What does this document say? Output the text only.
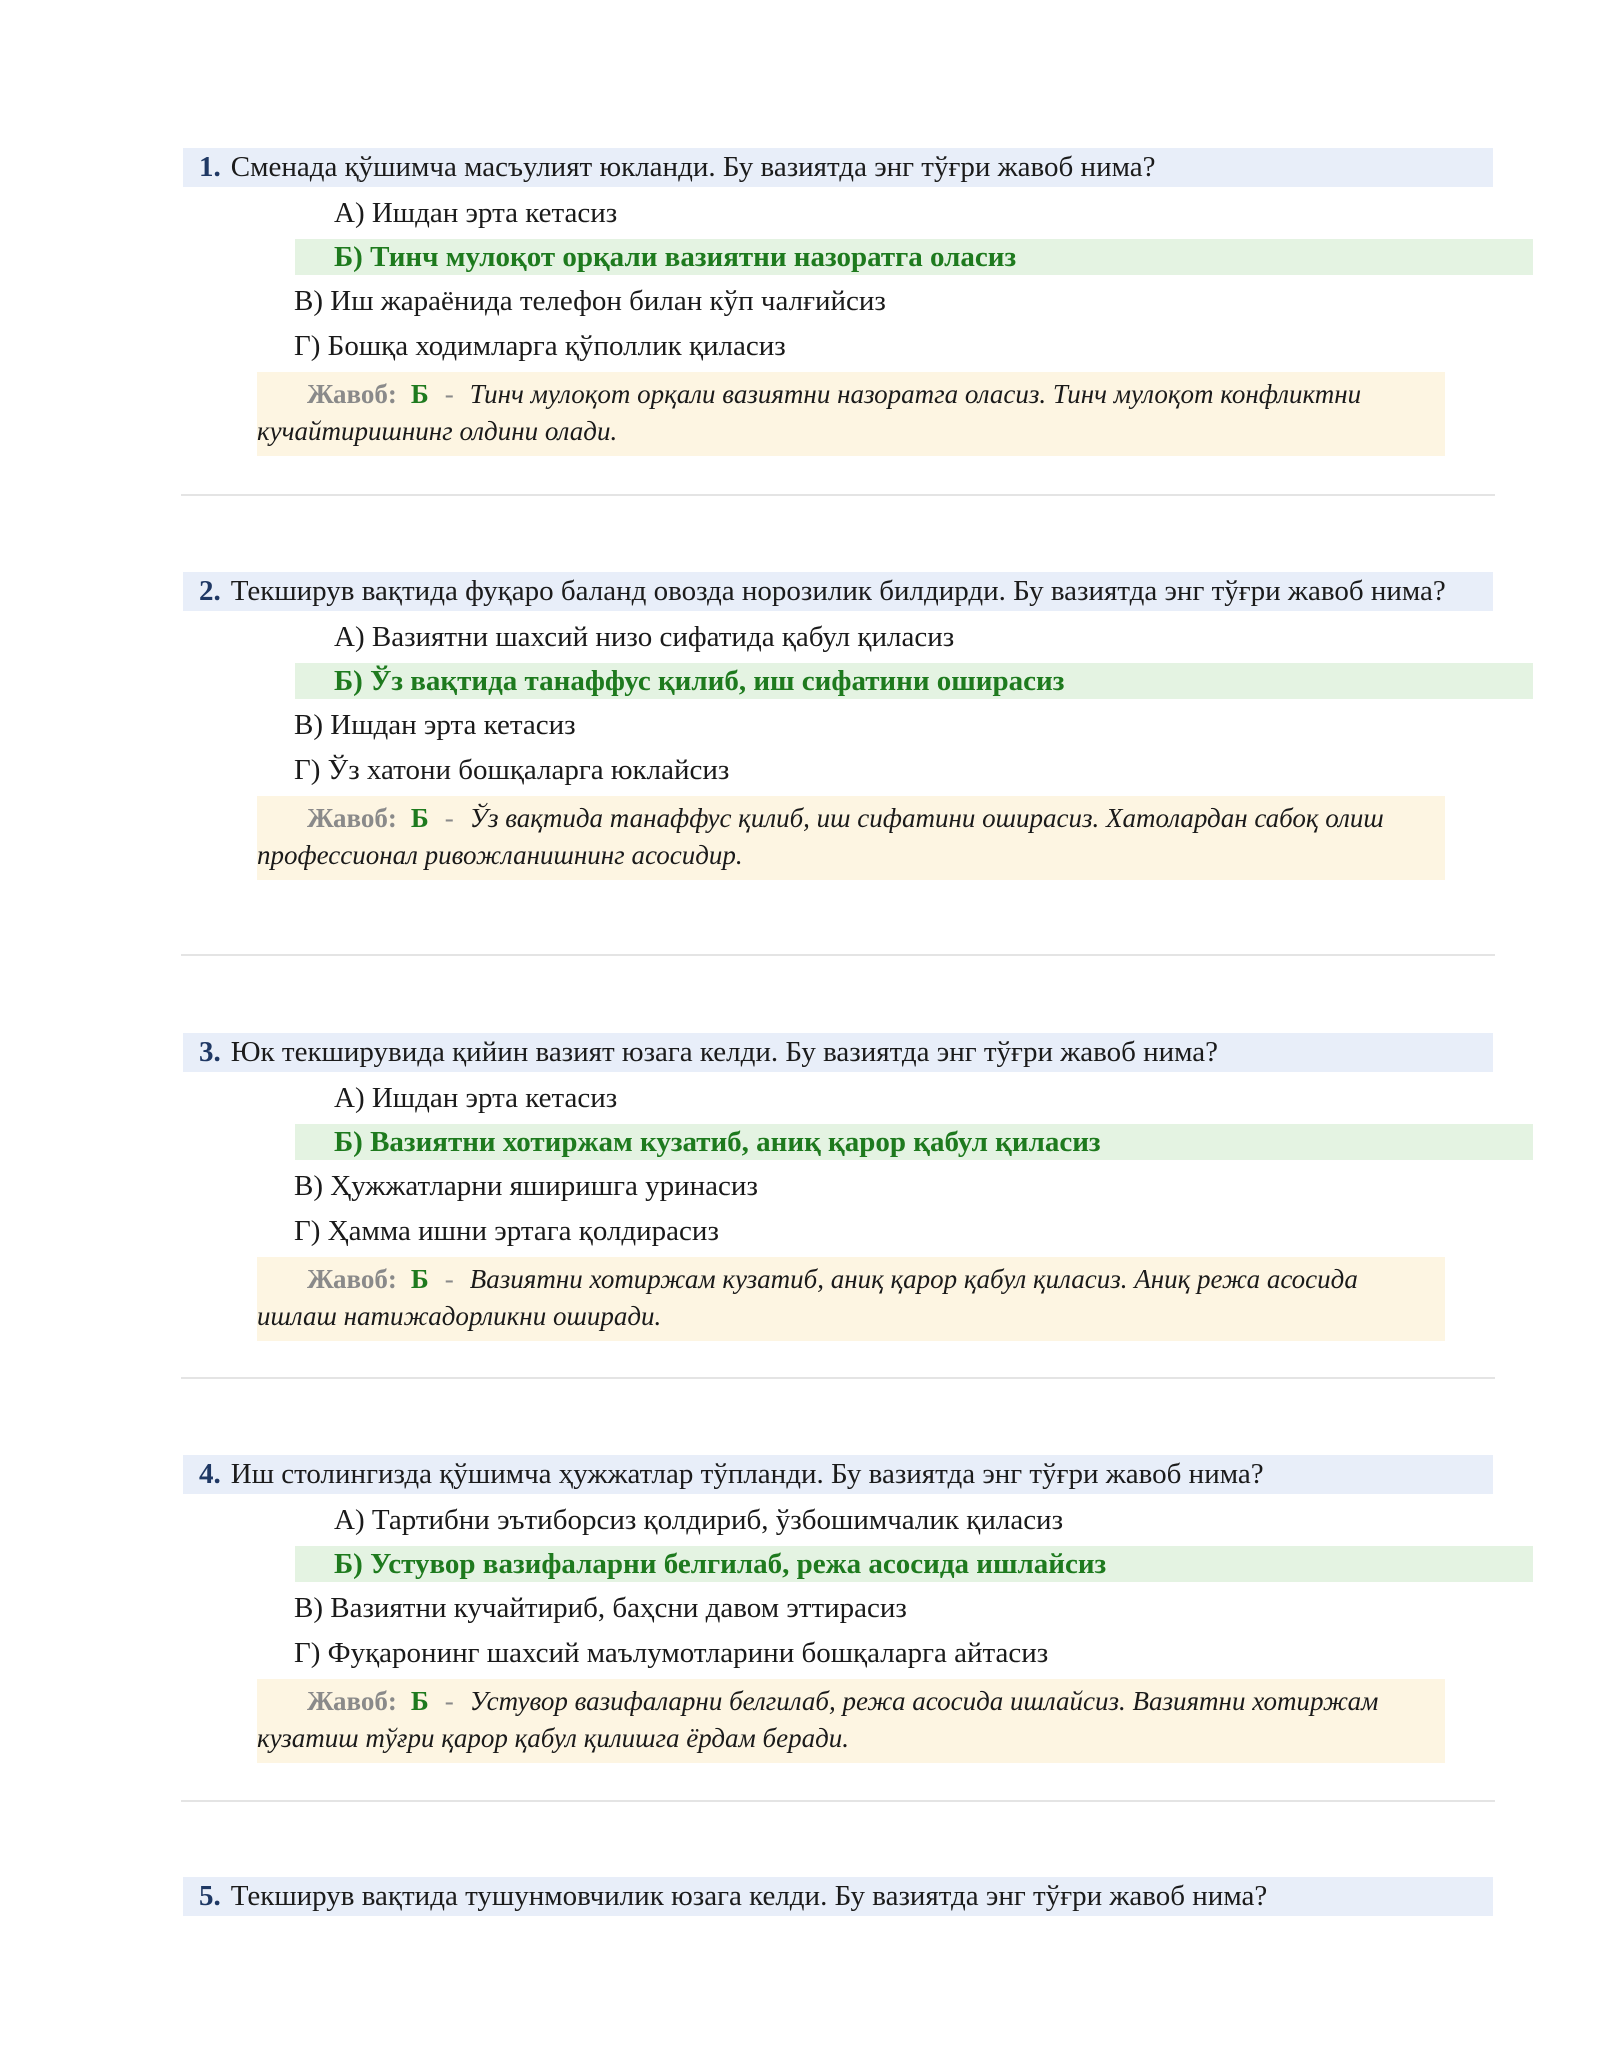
1. Сменада қўшимча масъулият юкланди. Бу вазиятда энг тўғри жавоб нима?
А) Ишдан эрта кетасиз
Б) Тинч мулоқот орқали вазиятни назоратга оласиз
В) Иш жараёнида телефон билан кўп чалғийсиз
Г) Бошқа ходимларга қўполлик қиласиз
Жавоб: Б - Тинч мулоқот орқали вазиятни назоратга оласиз. Тинч мулоқот конфликтни кучайтиришнинг олдини олади.
2. Текширув вақтида фуқаро баланд овозда норозилик билдирди. Бу вазиятда энг тўғри жавоб нима?
А) Вазиятни шахсий низо сифатида қабул қиласиз
Б) Ўз вақтида танаффус қилиб, иш сифатини оширасиз
В) Ишдан эрта кетасиз
Г) Ўз хатони бошқаларга юклайсиз
Жавоб: Б - Ўз вақтида танаффус қилиб, иш сифатини оширасиз. Хатолардан сабоқ олиш профессионал ривожланишнинг асосидир.
3. Юк текширувида қийин вазият юзага келди. Бу вазиятда энг тўғри жавоб нима?
А) Ишдан эрта кетасиз
Б) Вазиятни хотиржам кузатиб, аниқ қарор қабул қиласиз
В) Ҳужжатларни яширишга уринасиз
Г) Ҳамма ишни эртага қолдирасиз
Жавоб: Б - Вазиятни хотиржам кузатиб, аниқ қарор қабул қиласиз. Аниқ режа асосида ишлаш натижадорликни оширади.
4. Иш столингизда қўшимча ҳужжатлар тўпланди. Бу вазиятда энг тўғри жавоб нима?
А) Тартибни эътиборсиз қолдириб, ўзбошимчалик қиласиз
Б) Устувор вазифаларни белгилаб, режа асосида ишлайсиз
В) Вазиятни кучайтириб, баҳсни давом эттирасиз
Г) Фуқаронинг шахсий маълумотларини бошқаларга айтасиз
Жавоб: Б - Устувор вазифаларни белгилаб, режа асосида ишлайсиз. Вазиятни хотиржам кузатиш тўғри қарор қабул қилишга ёрдам беради.
5. Текширув вақтида тушунмовчилик юзага келди. Бу вазиятда энг тўғри жавоб нима?
